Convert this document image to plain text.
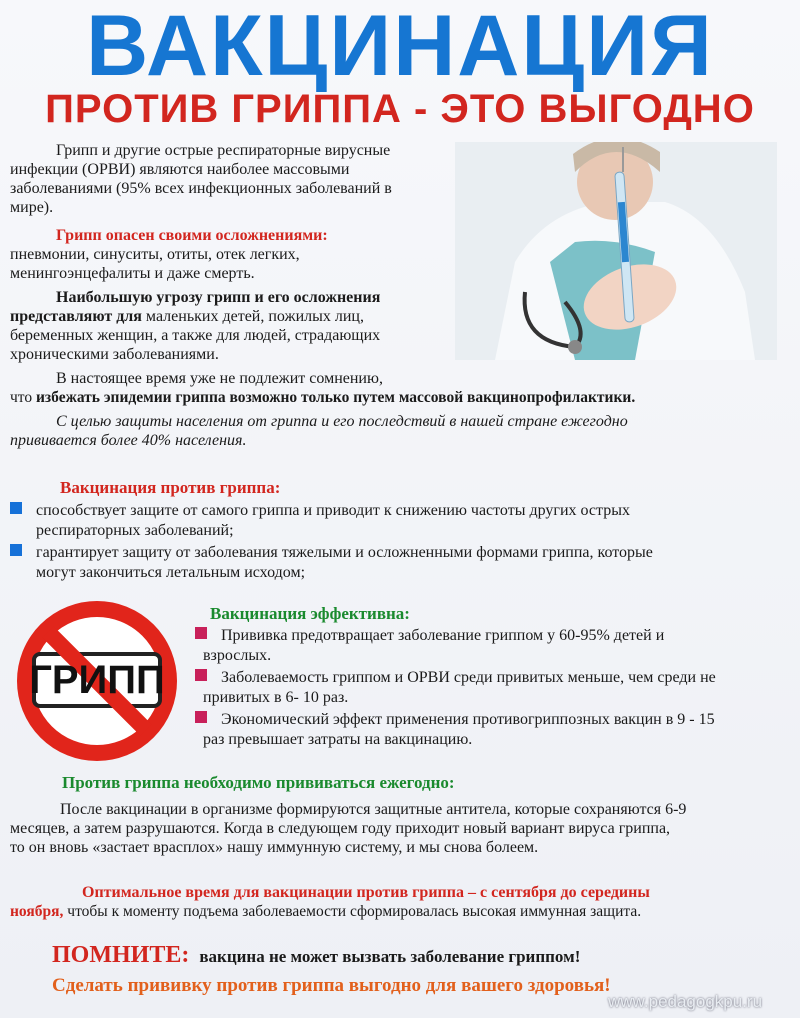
ВАКЦИНАЦИЯ
ПРОТИВ ГРИППА - ЭТО ВЫГОДНО
Грипп и другие острые респираторные вирусные
инфекции (ОРВИ) являются наиболее массовыми
заболеваниями (95% всех инфекционных заболеваний в
мире).
Грипп опасен своими осложнениями:
пневмонии, синуситы, отиты, отек легких,
менингоэнцефалиты и даже смерть.
Наибольшую угрозу грипп и его осложнения
представляют для маленьких детей, пожилых лиц,
беременных женщин, а также для людей, страдающих
хроническими заболеваниями.
В настоящее время уже не подлежит сомнению,
что избежать эпидемии гриппа возможно только путем массовой вакцинопрофилактики.
С целью защиты населения от гриппа и его последствий в нашей стране ежегодно
прививается более 40% населения.
Вакцинация против гриппа:
способствует защите от самого гриппа и приводит к снижению частоты других острых
респираторных заболеваний;
гарантирует защиту от заболевания тяжелыми и осложненными формами гриппа, которые
могут закончиться летальным исходом;
ГРИПП
Вакцинация эффективна:
Прививка предотвращает заболевание гриппом у 60-95% детей и
взрослых.
Заболеваемость гриппом и ОРВИ среди привитых меньше, чем среди не
привитых в 6- 10 раз.
Экономический эффект применения противогриппозных вакцин в 9 - 15
раз превышает затраты на вакцинацию.
Против гриппа необходимо прививаться ежегодно:
После вакцинации в организме формируются защитные антитела, которые сохраняются 6-9
месяцев, а затем разрушаются. Когда в следующем году приходит новый вариант вируса гриппа,
то он вновь «застает врасплох» нашу иммунную систему, и мы снова болеем.
Оптимальное время для вакцинации против гриппа – с сентября до середины
ноября, чтобы к моменту подъема заболеваемости сформировалась высокая иммунная защита.
ПОМНИТЕ: вакцина не может вызвать заболевание гриппом!
Сделать прививку против гриппа выгодно для вашего здоровья!
www.pedagogkpu.ru
